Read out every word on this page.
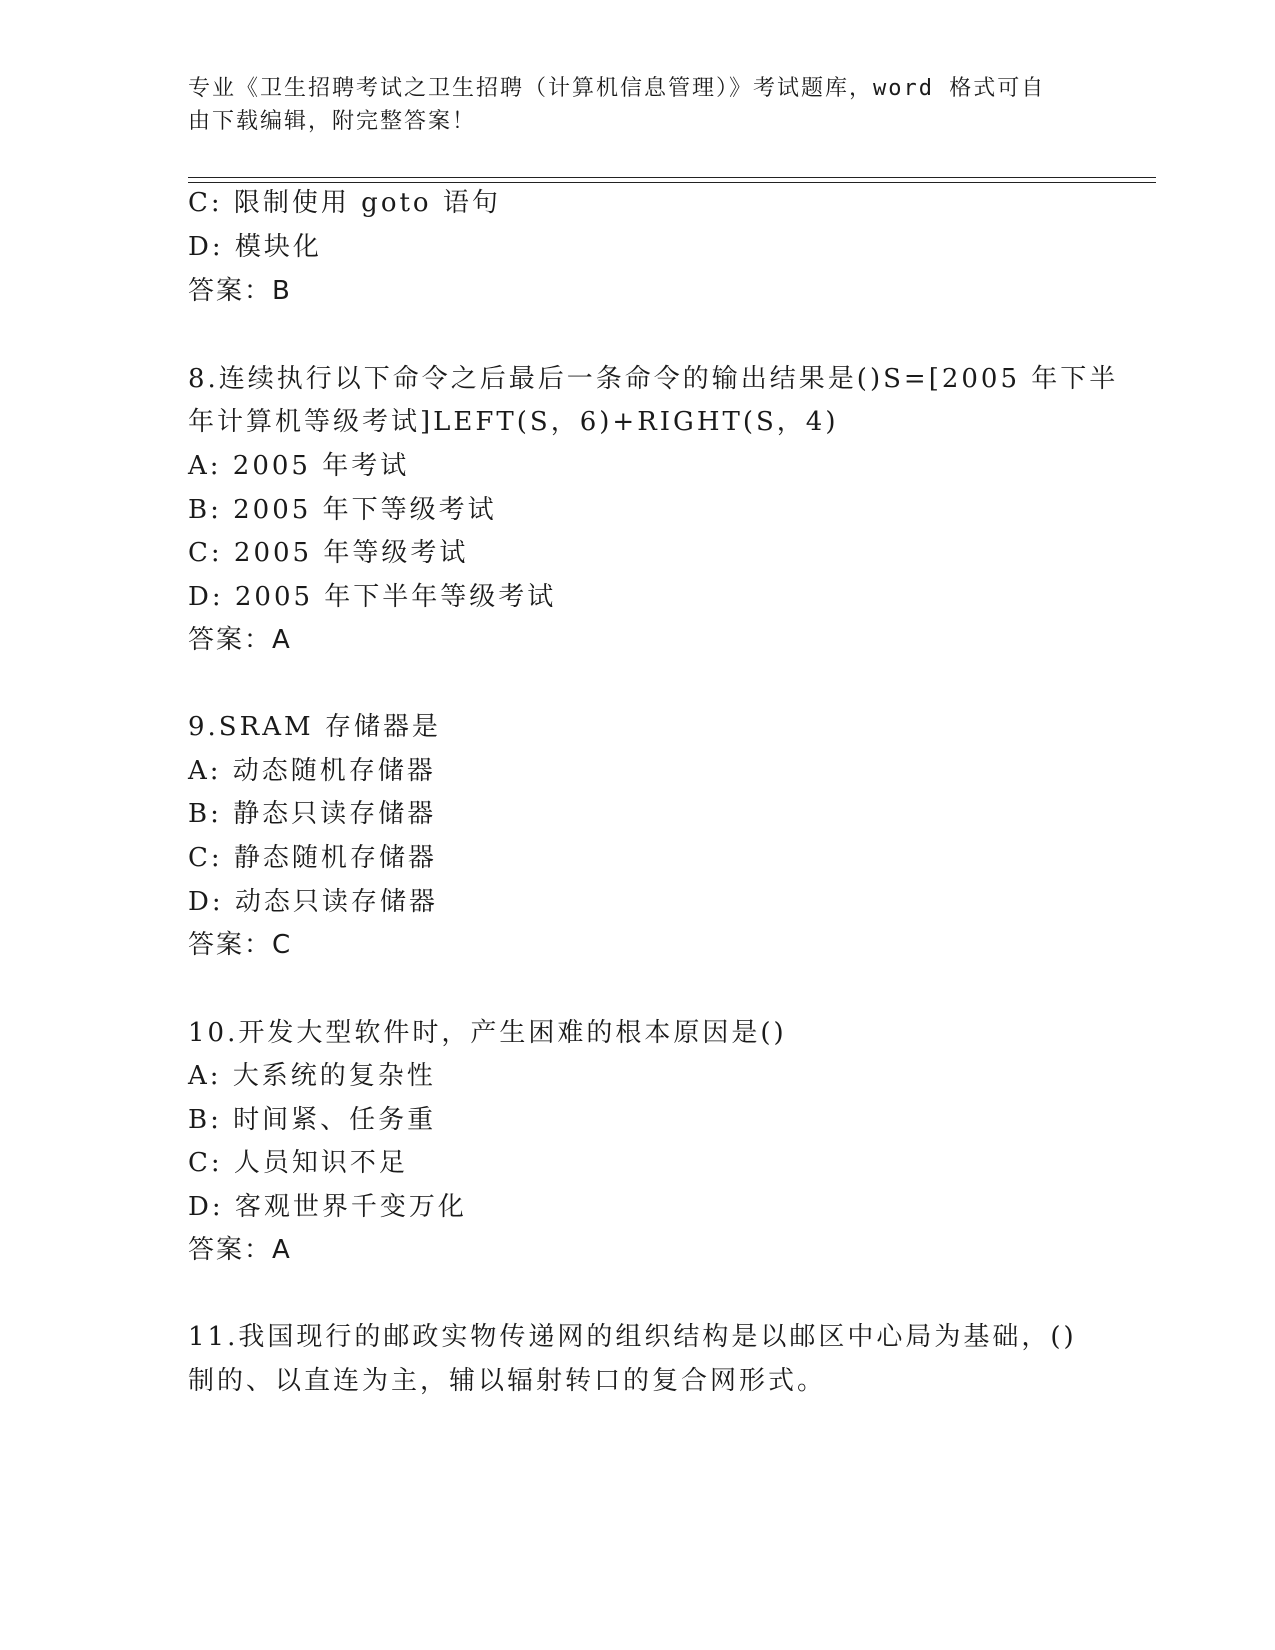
专业《卫生招聘考试之卫生招聘（计算机信息管理）》考试题库，word 格式可自
由下载编辑，附完整答案！
C: 限制使用 goto 语句
D: 模块化
答案：B
8.连续执行以下命令之后最后一条命令的输出结果是()S=[2005 年下半
年计算机等级考试]LEFT(S，6)+RIGHT(S，4)
A: 2005 年考试
B: 2005 年下等级考试
C: 2005 年等级考试
D: 2005 年下半年等级考试
答案：A
9.SRAM 存储器是
A: 动态随机存储器
B: 静态只读存储器
C: 静态随机存储器
D: 动态只读存储器
答案：C
10.开发大型软件时，产生困难的根本原因是()
A: 大系统的复杂性
B: 时间紧、任务重
C: 人员知识不足
D: 客观世界千变万化
答案：A
11.我国现行的邮政实物传递网的组织结构是以邮区中心局为基础，()
制的、以直连为主，辅以辐射转口的复合网形式。
